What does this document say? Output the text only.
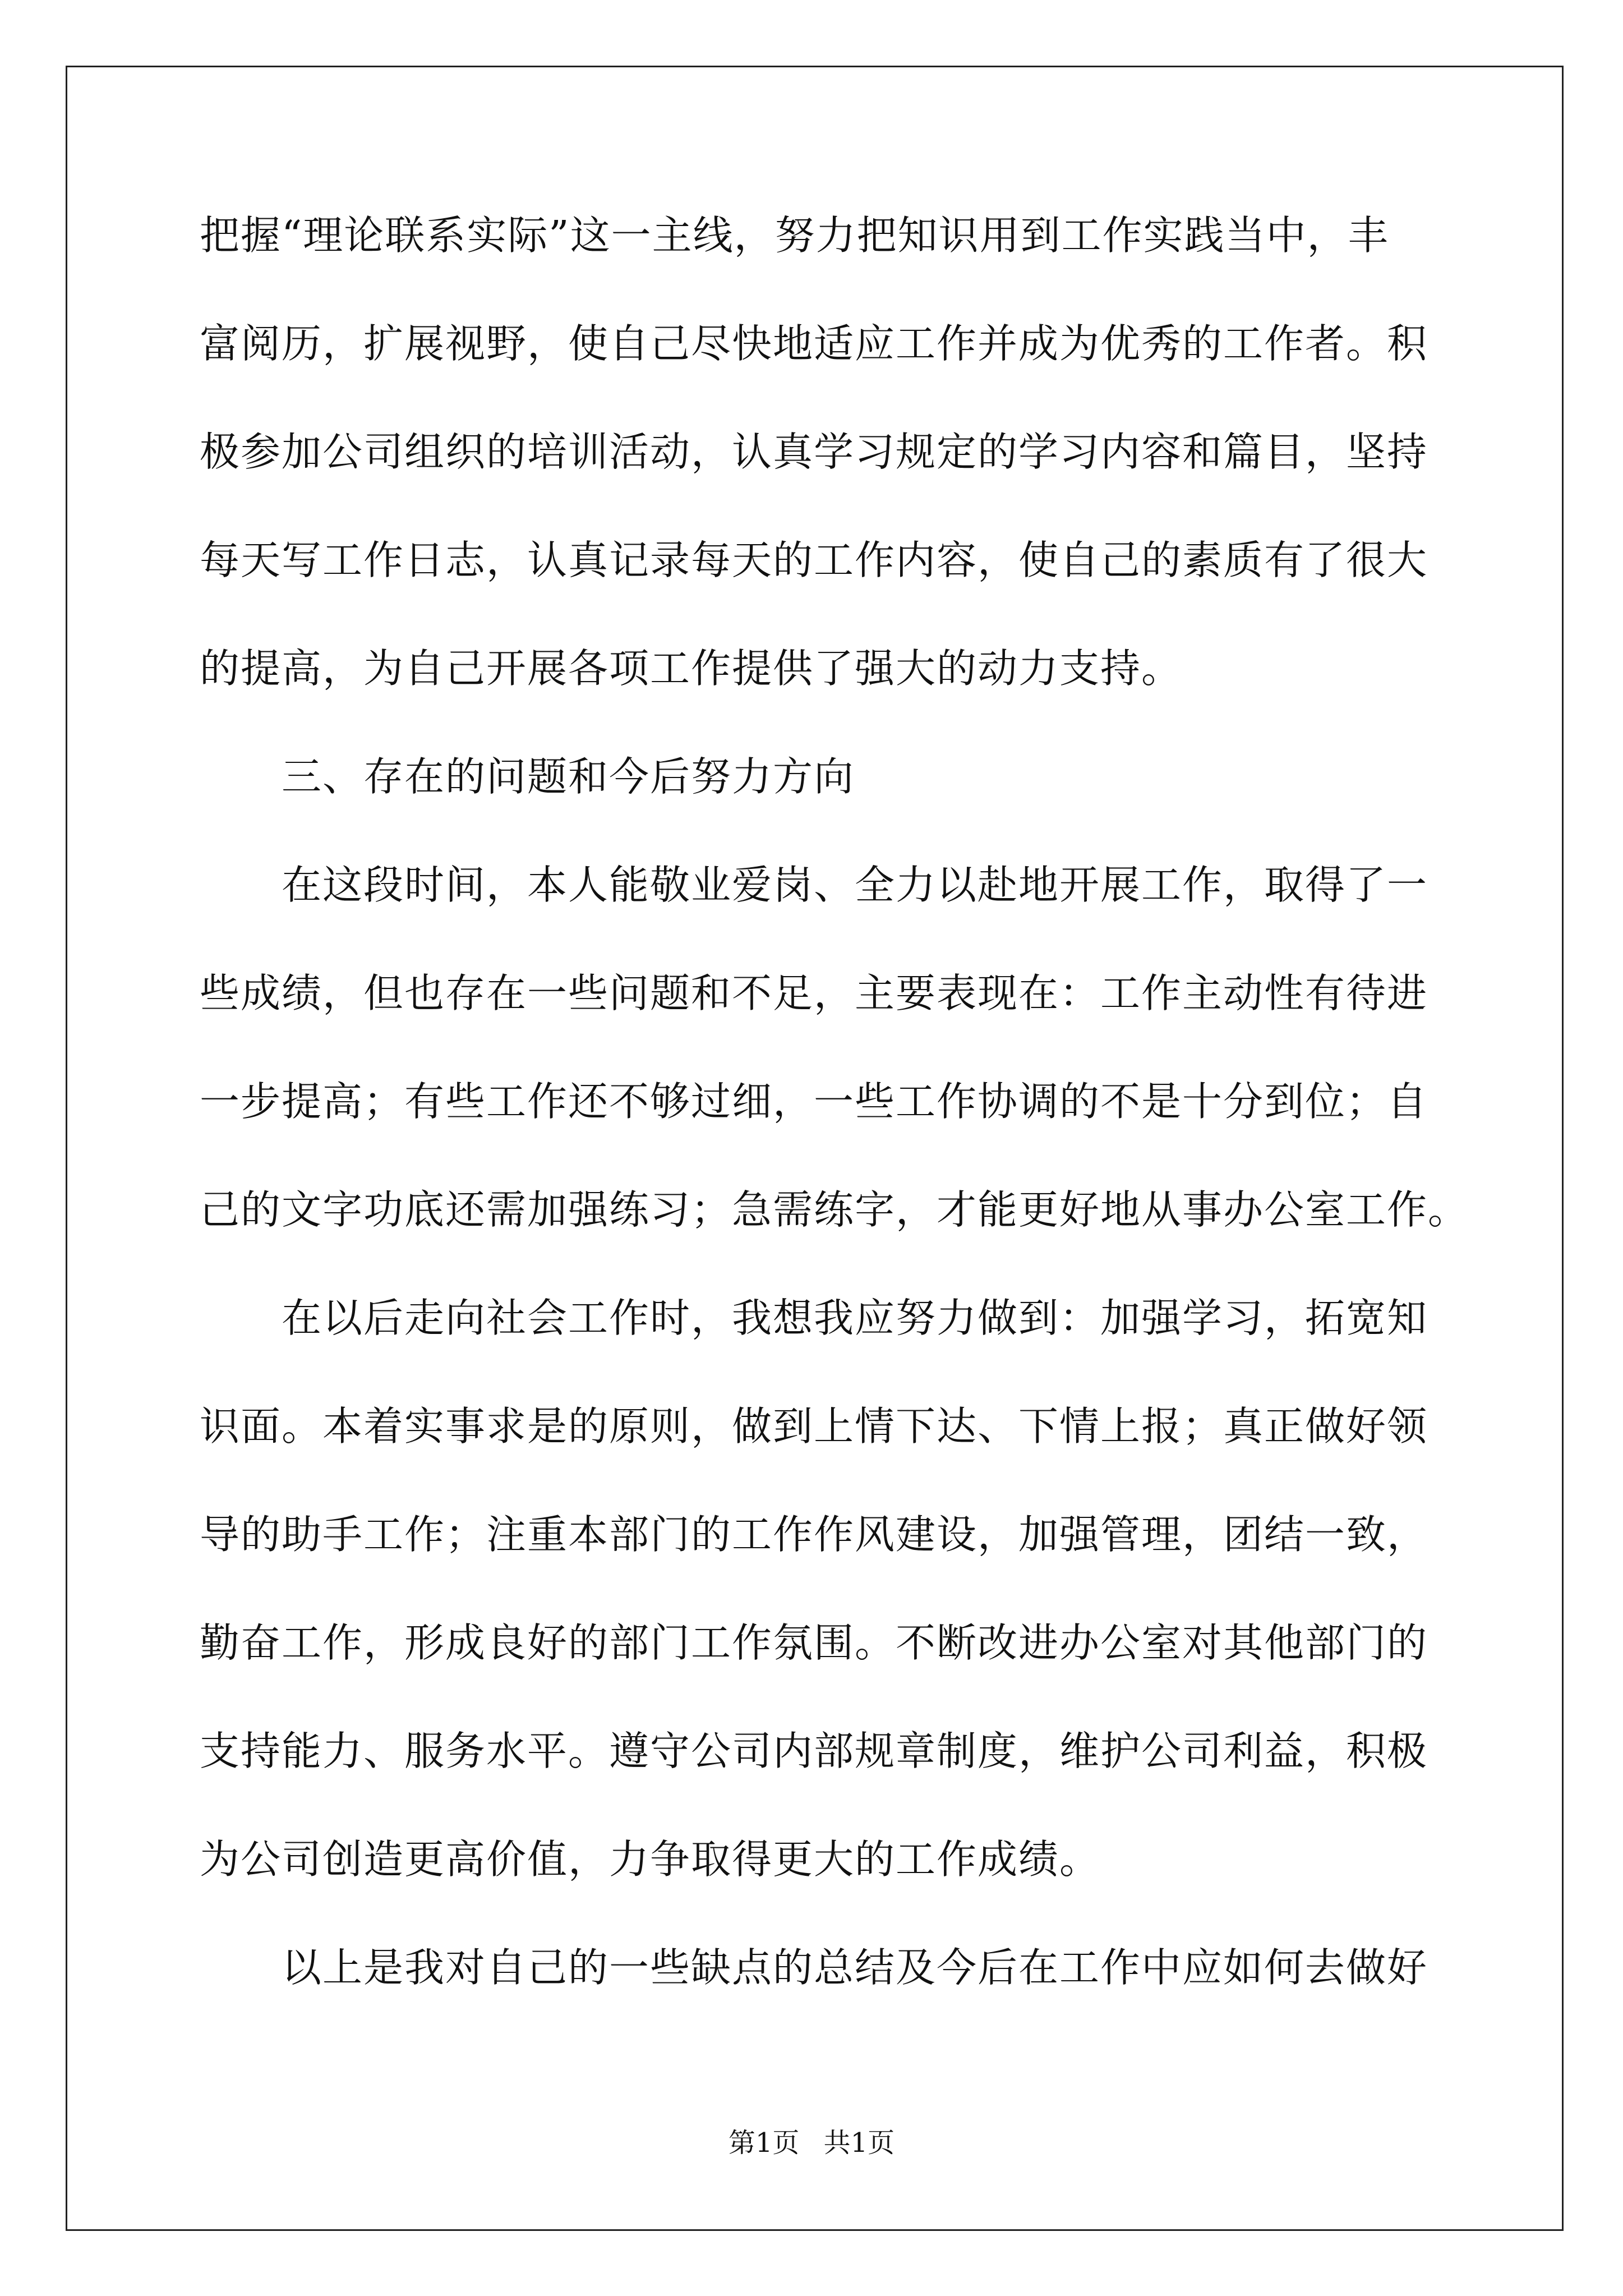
把握“理论联系实际”这一主线，努力把知识用到工作实践当中，丰
富阅历，扩展视野，使自己尽快地适应工作并成为优秀的工作者。积
极参加公司组织的培训活动，认真学习规定的学习内容和篇目，坚持
每天写工作日志，认真记录每天的工作内容，使自己的素质有了很大
的提高，为自己开展各项工作提供了强大的动力支持。
　　三、存在的问题和今后努力方向
　　在这段时间，本人能敬业爱岗、全力以赴地开展工作，取得了一
些成绩，但也存在一些问题和不足，主要表现在：工作主动性有待进
一步提高；有些工作还不够过细，一些工作协调的不是十分到位；自
己的文字功底还需加强练习；急需练字，才能更好地从事办公室工作。
　　在以后走向社会工作时，我想我应努力做到：加强学习，拓宽知
识面。本着实事求是的原则，做到上情下达、下情上报；真正做好领
导的助手工作；注重本部门的工作作风建设，加强管理，团结一致，
勤奋工作，形成良好的部门工作氛围。不断改进办公室对其他部门的
支持能力、服务水平。遵守公司内部规章制度，维护公司利益，积极
为公司创造更高价值，力争取得更大的工作成绩。
　　以上是我对自己的一些缺点的总结及今后在工作中应如何去做好
第1页 共1页
